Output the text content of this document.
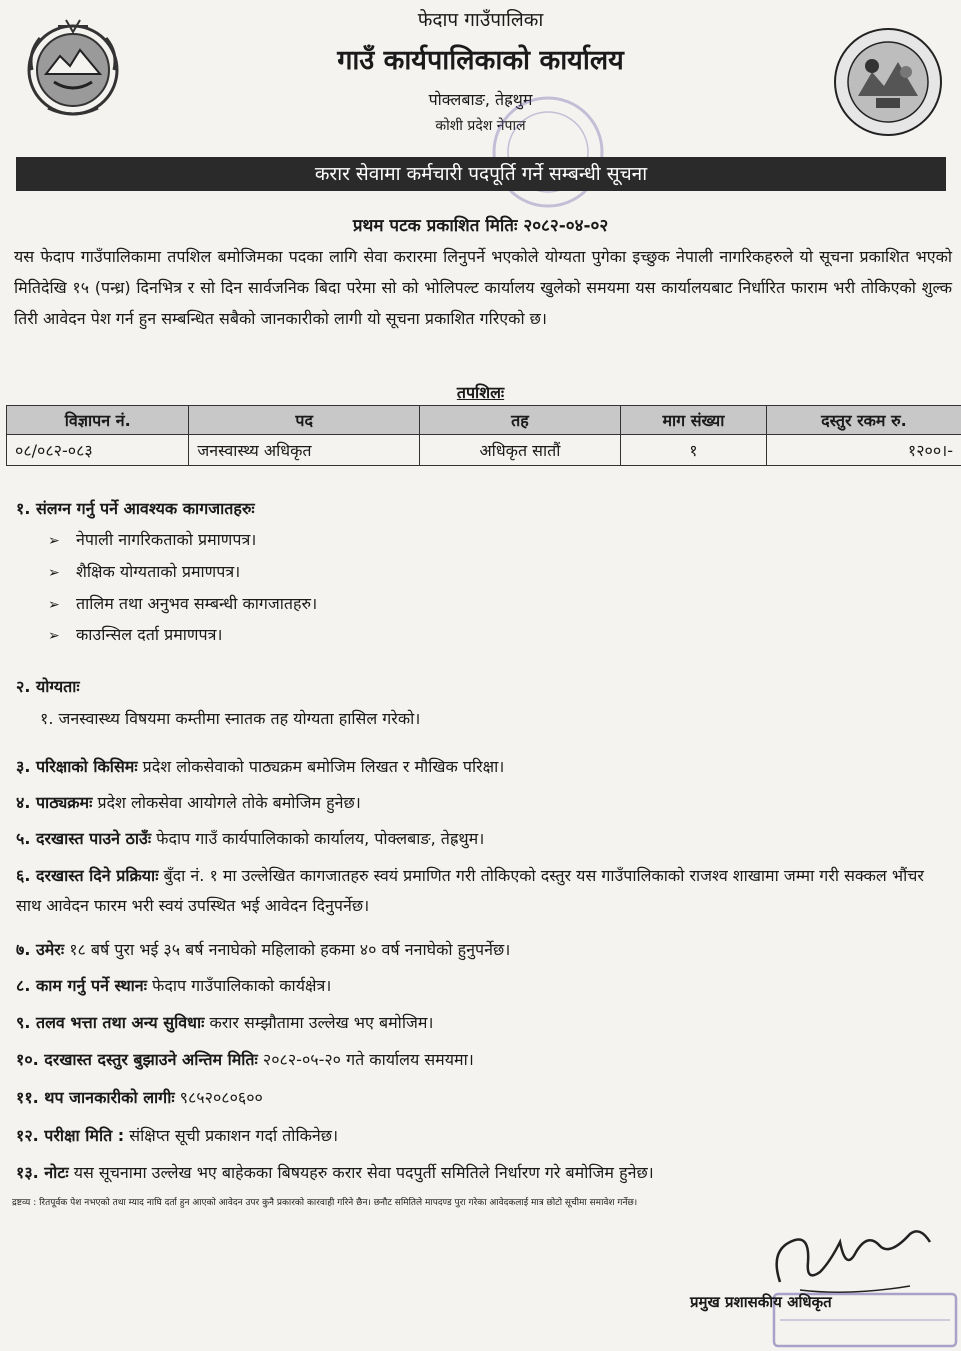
फेदाप गाउँपालिका
गाउँ कार्यपालिकाको कार्यालय
पोक्लबाङ, तेह्रथुम
कोशी प्रदेश नेपाल
करार सेवामा कर्मचारी पदपूर्ति गर्ने सम्बन्धी सूचना
प्रथम पटक प्रकाशित मितिः २०८२-०४-०२
यस फेदाप गाउँपालिकामा तपशिल बमोजिमका पदका लागि सेवा करारमा लिनुपर्ने भएकोले योग्यता पुगेका इच्छुक नेपाली नागरिकहरुले यो सूचना प्रकाशित भएको मितिदेखि १५ (पन्ध्र) दिनभित्र र सो दिन सार्वजनिक बिदा परेमा सो को भोलिपल्ट कार्यालय खुलेको समयमा यस कार्यालयबाट निर्धारित फाराम भरी तोकिएको शुल्क तिरी आवेदन पेश गर्न हुन सम्बन्धित सबैको जानकारीको लागी यो सूचना प्रकाशित गरिएको छ।
तपशिलः
विज्ञापन नं.	पद	तह	माग संख्या	दस्तुर रकम रु.
०८/०८२-०८३	जनस्वास्थ्य अधिकृत	अधिकृत सातौं	१	१२००।-
१. संलग्न गर्नु पर्ने आवश्यक कागजातहरुः
➢ नेपाली नागरिकताको प्रमाणपत्र।
➢ शैक्षिक योग्यताको प्रमाणपत्र।
➢ तालिम तथा अनुभव सम्बन्धी कागजातहरु।
➢ काउन्सिल दर्ता प्रमाणपत्र।
२. योग्यताः
१. जनस्वास्थ्य विषयमा कम्तीमा स्नातक तह योग्यता हासिल गरेको।
३. परिक्षाको किसिमः प्रदेश लोकसेवाको पाठ्यक्रम बमोजिम लिखत र मौखिक परिक्षा।
४. पाठ्यक्रमः प्रदेश लोकसेवा आयोगले तोके बमोजिम हुनेछ।
५. दरखास्त पाउने ठाउँः फेदाप गाउँ कार्यपालिकाको कार्यालय, पोक्लबाङ, तेह्रथुम।
६. दरखास्त दिने प्रक्रियाः बुँदा नं. १ मा उल्लेखित कागजातहरु स्वयं प्रमाणित गरी तोकिएको दस्तुर यस गाउँपालिकाको राजश्व शाखामा जम्मा गरी सक्कल भौंचर साथ आवेदन फारम भरी स्वयं उपस्थित भई आवेदन दिनुपर्नेछ।
७. उमेरः १८ बर्ष पुरा भई ३५ बर्ष ननाघेको महिलाको हकमा ४० वर्ष ननाघेको हुनुपर्नेछ।
८. काम गर्नु पर्ने स्थानः फेदाप गाउँपालिकाको कार्यक्षेत्र।
९. तलव भत्ता तथा अन्य सुविधाः करार सम्झौतामा उल्लेख भए बमोजिम।
१०. दरखास्त दस्तुर बुझाउने अन्तिम मितिः २०८२-०५-२० गते कार्यालय समयमा।
११. थप जानकारीको लागीः ९८५२०८०६००
१२. परीक्षा मिति : संक्षिप्त सूची प्रकाशन गर्दा तोकिनेछ।
१३. नोटः यस सूचनामा उल्लेख भए बाहेकका बिषयहरु करार सेवा पदपुर्ती समितिले निर्धारण गरे बमोजिम हुनेछ।
द्रष्टव्य : रितपूर्वक पेश नभएको तथा म्याद नाघि दर्ता हुन आएको आवेदन उपर कुनै प्रकारको कारवाही गरिने छैन। छनौट समितिले मापदण्ड पुरा गरेका आवेदकलाई मात्र छोटो सूचीमा समावेश गर्नेछ।
प्रमुख प्रशासकीय अधिकृत
